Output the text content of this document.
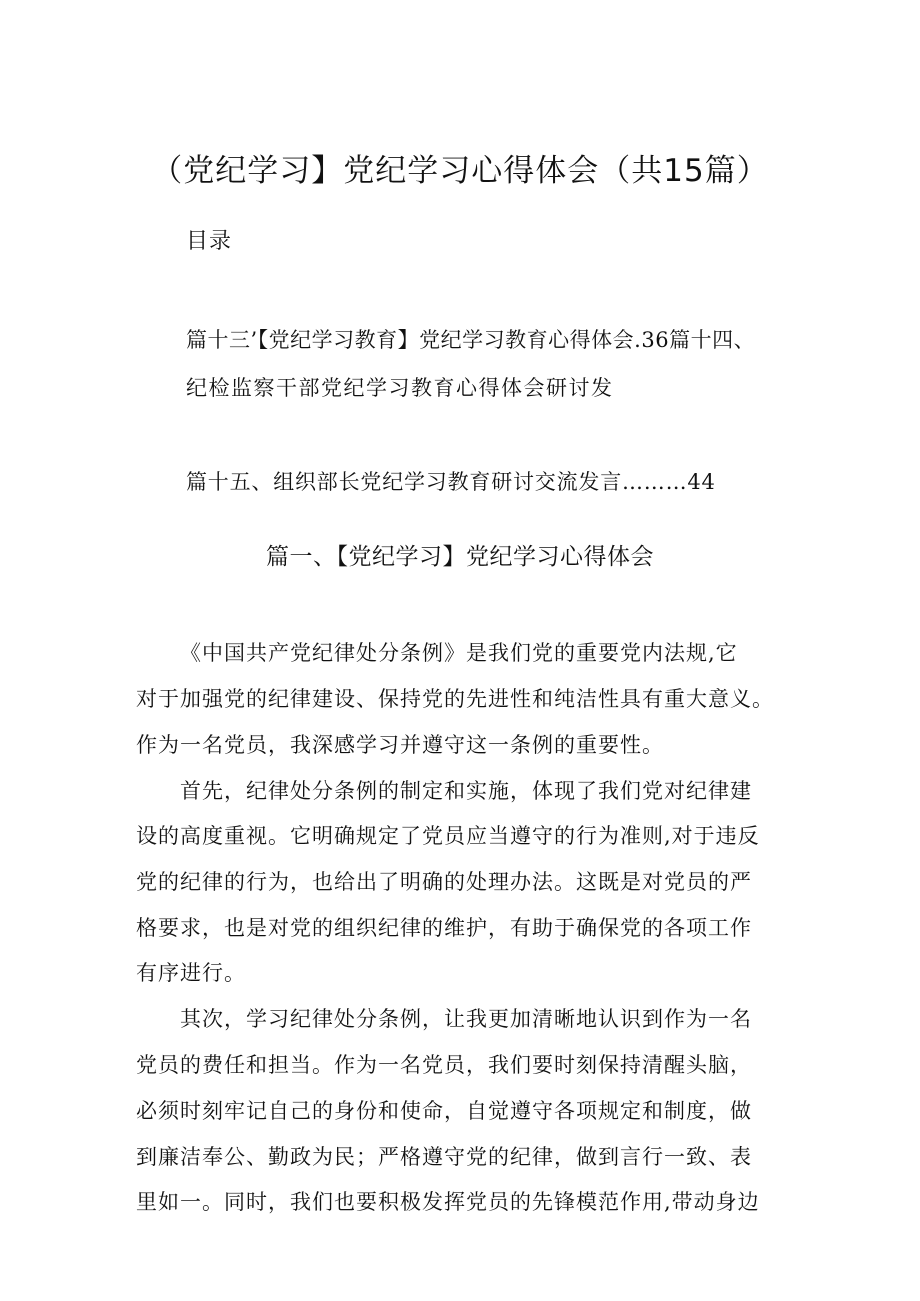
（党纪学习】党纪学习心得体会（共15篇）
目录
篇十三’【党纪学习教育】党纪学习教育心得体会.36篇十四、
纪检监察干部党纪学习教育心得体会研讨发
篇十五、组织部长党纪学习教育研讨交流发言………44
篇一、【党纪学习】党纪学习心得体会
《中国共产党纪律处分条例》是我们党的重要党内法规,它
对于加强党的纪律建设、保持党的先进性和纯洁性具有重大意义。
作为一名党员，我深感学习并遵守这一条例的重要性。
首先，纪律处分条例的制定和实施，体现了我们党对纪律建
设的高度重视。它明确规定了党员应当遵守的行为准则,对于违反
党的纪律的行为，也给出了明确的处理办法。这既是对党员的严
格要求，也是对党的组织纪律的维护，有助于确保党的各项工作
有序进行。
其次，学习纪律处分条例，让我更加清晰地认识到作为一名
党员的费任和担当。作为一名党员，我们要时刻保持清醒头脑，
必须时刻牢记自己的身份和使命，自觉遵守各项规定和制度，做
到廉洁奉公、勤政为民；严格遵守党的纪律，做到言行一致、表
里如一。同时，我们也要积极发挥党员的先锋模范作用,带动身边
